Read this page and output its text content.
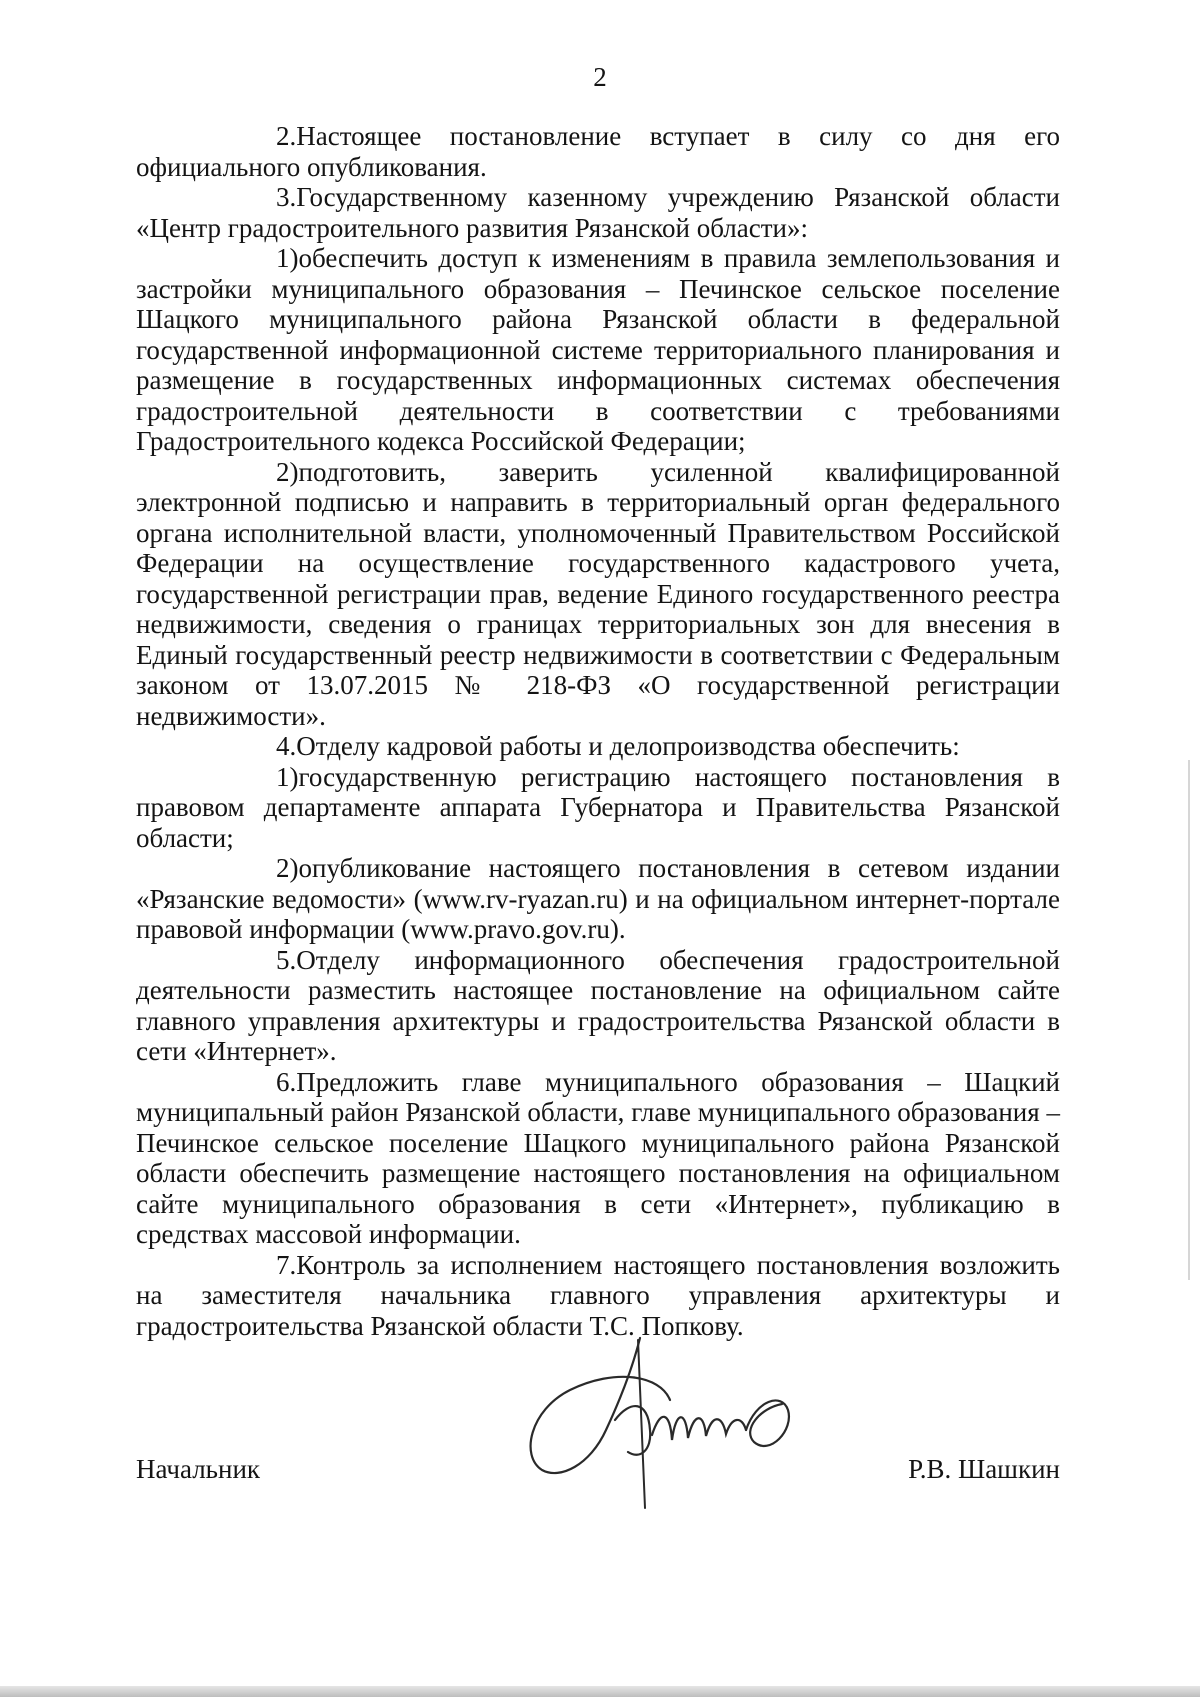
2

2.Настоящее постановление вступает в силу со дня его официального опубликования.

3.Государственному казенному учреждению Рязанской области «Центр градостроительного развития Рязанской области»:

1)обеспечить доступ к изменениям в правила землепользования и застройки муниципального образования – Печинское сельское поселение Шацкого муниципального района Рязанской области в федеральной государственной информационной системе территориального планирования и размещение в государственных информационных системах обеспечения градостроительной деятельности в соответствии с требованиями Градостроительного кодекса Российской Федерации;

2)подготовить, заверить усиленной квалифицированной электронной подписью и направить в территориальный орган федерального органа исполнительной власти, уполномоченный Правительством Российской Федерации на осуществление государственного кадастрового учета, государственной регистрации прав, ведение Единого государственного реестра недвижимости, сведения о границах территориальных зон для внесения в Единый государственный реестр недвижимости в соответствии с Федеральным законом от 13.07.2015 № 218-ФЗ «О государственной регистрации недвижимости».

4.Отделу кадровой работы и делопроизводства обеспечить:

1)государственную регистрацию настоящего постановления в правовом департаменте аппарата Губернатора и Правительства Рязанской области;

2)опубликование настоящего постановления в сетевом издании «Рязанские ведомости» (www.rv-ryazan.ru) и на официальном интернет-портале правовой информации (www.pravo.gov.ru).

5.Отделу информационного обеспечения градостроительной деятельности разместить настоящее постановление на официальном сайте главного управления архитектуры и градостроительства Рязанской области в сети «Интернет».

6.Предложить главе муниципального образования – Шацкий муниципальный район Рязанской области, главе муниципального образования – Печинское сельское поселение Шацкого муниципального района Рязанской области обеспечить размещение настоящего постановления на официальном сайте муниципального образования в сети «Интернет», публикацию в средствах массовой информации.

7.Контроль за исполнением настоящего постановления возложить на заместителя начальника главного управления архитектуры и градостроительства Рязанской области Т.С. Попкову.

Начальник	Р.В. Шашкин
